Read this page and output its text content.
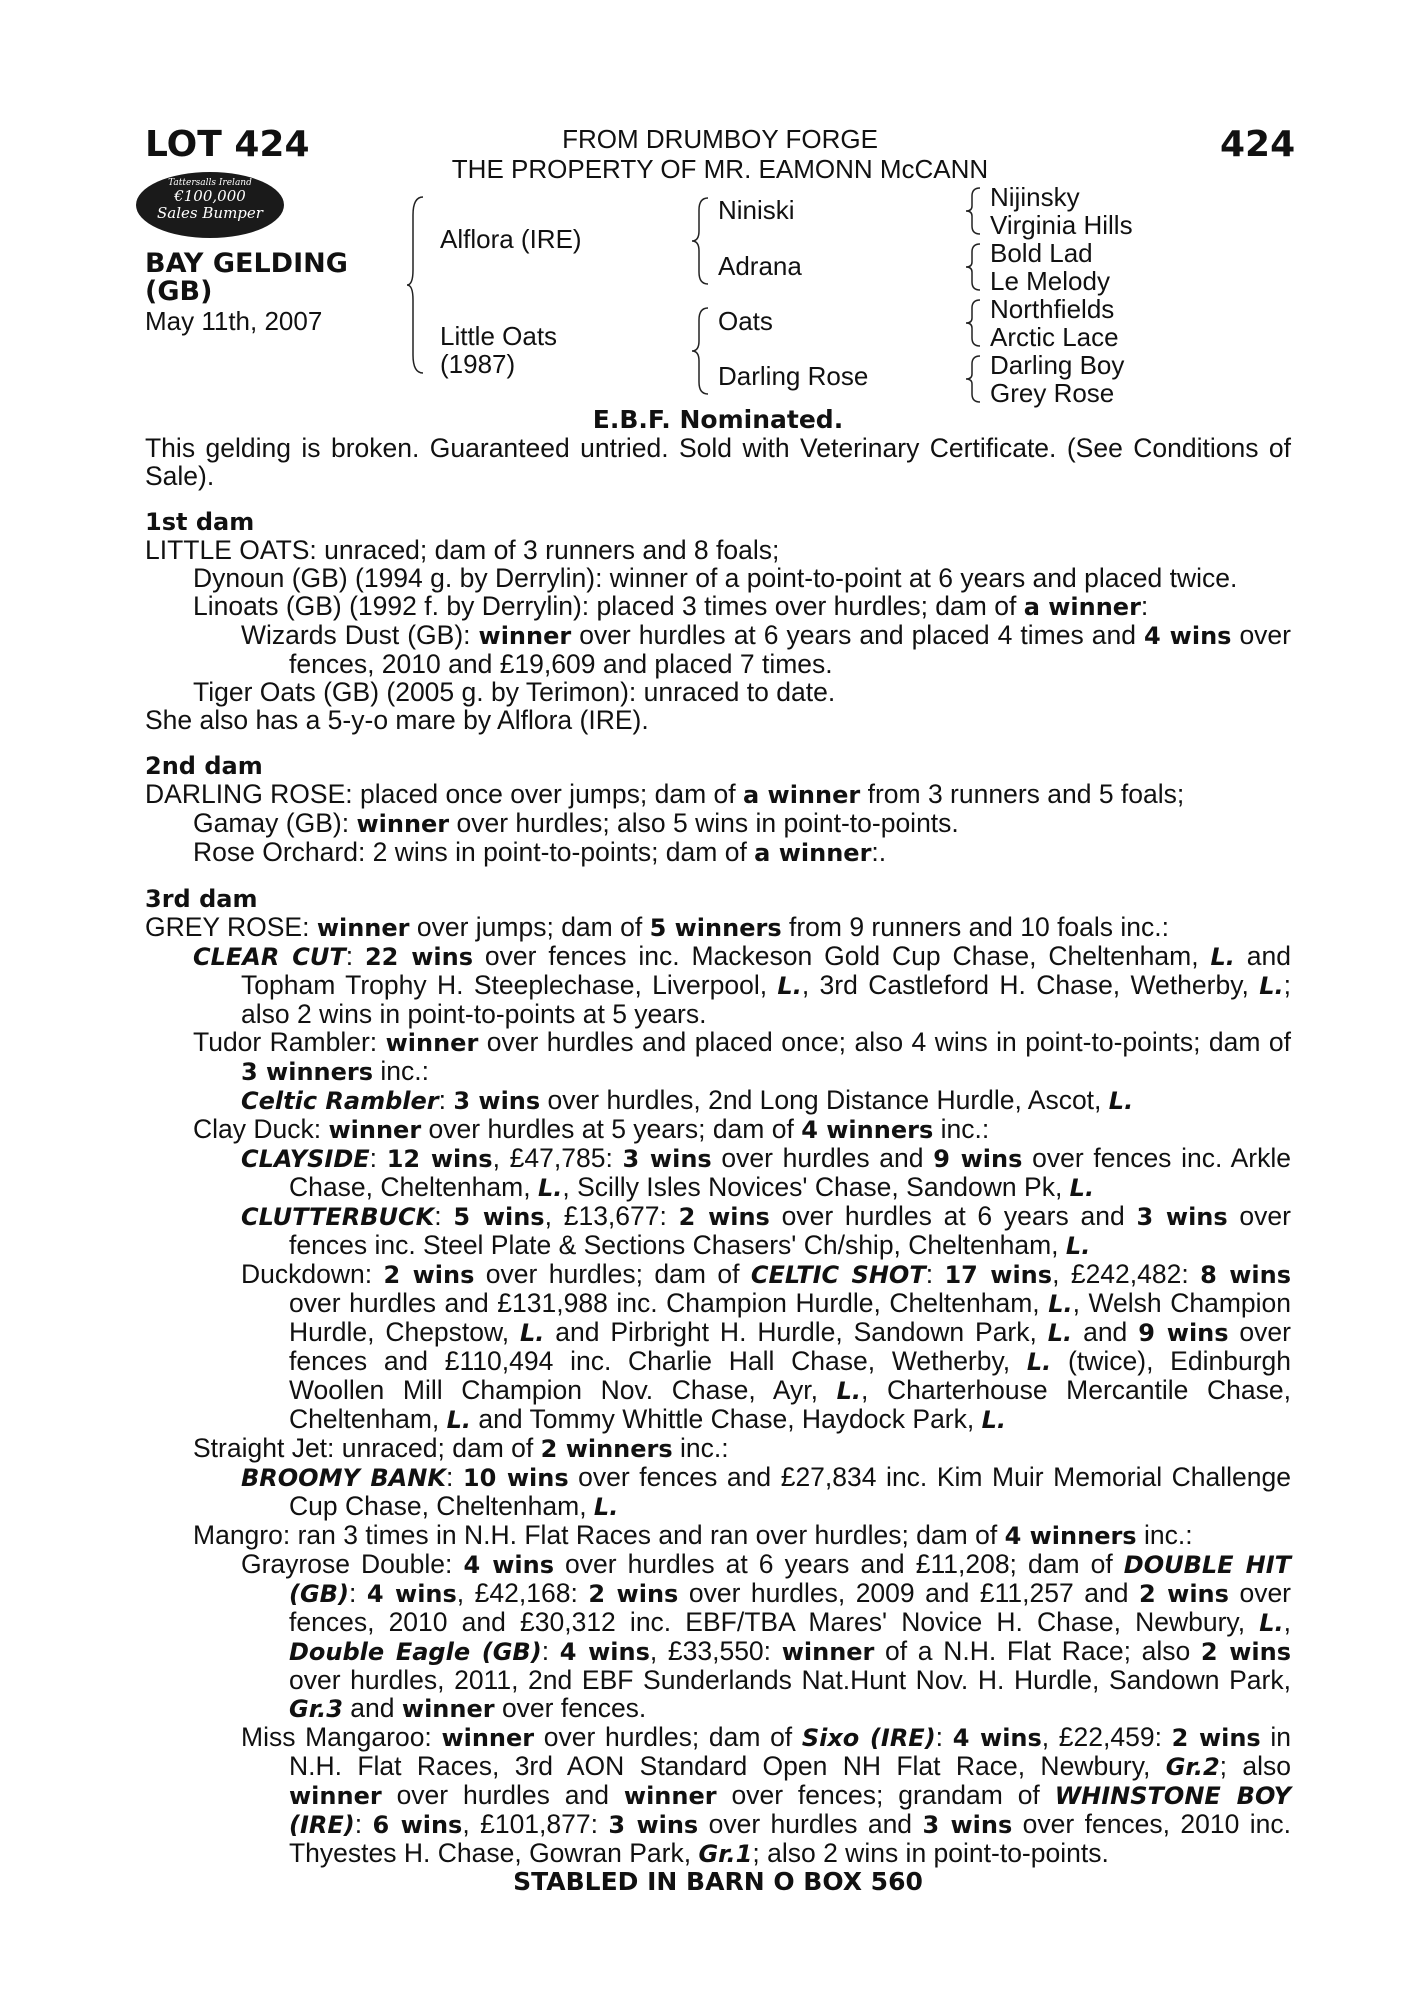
LOT 424	424
FROM DRUMBOY FORGE
THE PROPERTY OF MR. EAMONN McCANN
Tattersalls Ireland
€100,000
Sales Bumper
BAY GELDING
(GB)
May 11th, 2007
Alflora (IRE)
Little Oats
(1987)
Niniski
Adrana
Oats
Darling Rose
Nijinsky
Virginia Hills
Bold Lad
Le Melody
Northfields
Arctic Lace
Darling Boy
Grey Rose
E.B.F. Nominated.

This gelding is broken. Guaranteed untried. Sold with Veterinary Certificate. (See Conditions of Sale).

1st dam

LITTLE OATS: unraced; dam of 3 runners and 8 foals;

Dynoun (GB) (1994 g. by Derrylin): winner of a point-to-point at 6 years and placed twice.

Linoats (GB) (1992 f. by Derrylin): placed 3 times over hurdles; dam of a winner:

Wizards Dust (GB): winner over hurdles at 6 years and placed 4 times and 4 wins over fences, 2010 and £19,609 and placed 7 times.

Tiger Oats (GB) (2005 g. by Terimon): unraced to date.

She also has a 5-y-o mare by Alflora (IRE).

2nd dam

DARLING ROSE: placed once over jumps; dam of a winner from 3 runners and 5 foals;

Gamay (GB): winner over hurdles; also 5 wins in point-to-points.

Rose Orchard: 2 wins in point-to-points; dam of a winner:.

3rd dam

GREY ROSE: winner over jumps; dam of 5 winners from 9 runners and 10 foals inc.:

CLEAR CUT: 22 wins over fences inc. Mackeson Gold Cup Chase, Cheltenham, L. and Topham Trophy H. Steeplechase, Liverpool, L., 3rd Castleford H. Chase, Wetherby, L.; also 2 wins in point-to-points at 5 years.

Tudor Rambler: winner over hurdles and placed once; also 4 wins in point-to-points; dam of 3 winners inc.:

Celtic Rambler: 3 wins over hurdles, 2nd Long Distance Hurdle, Ascot, L.

Clay Duck: winner over hurdles at 5 years; dam of 4 winners inc.:

CLAYSIDE: 12 wins, £47,785: 3 wins over hurdles and 9 wins over fences inc. Arkle Chase, Cheltenham, L., Scilly Isles Novices' Chase, Sandown Pk, L.

CLUTTERBUCK: 5 wins, £13,677: 2 wins over hurdles at 6 years and 3 wins over fences inc. Steel Plate & Sections Chasers' Ch/ship, Cheltenham, L.

Duckdown: 2 wins over hurdles; dam of CELTIC SHOT: 17 wins, £242,482: 8 wins over hurdles and £131,988 inc. Champion Hurdle, Cheltenham, L., Welsh Champion Hurdle, Chepstow, L. and Pirbright H. Hurdle, Sandown Park, L. and 9 wins over fences and £110,494 inc. Charlie Hall Chase, Wetherby, L. (twice), Edinburgh Woollen Mill Champion Nov. Chase, Ayr, L., Charterhouse Mercantile Chase, Cheltenham, L. and Tommy Whittle Chase, Haydock Park, L.

Straight Jet: unraced; dam of 2 winners inc.:

BROOMY BANK: 10 wins over fences and £27,834 inc. Kim Muir Memorial Challenge Cup Chase, Cheltenham, L.

Mangro: ran 3 times in N.H. Flat Races and ran over hurdles; dam of 4 winners inc.:

Grayrose Double: 4 wins over hurdles at 6 years and £11,208; dam of DOUBLE HIT (GB): 4 wins, £42,168: 2 wins over hurdles, 2009 and £11,257 and 2 wins over fences, 2010 and £30,312 inc. EBF/TBA Mares' Novice H. Chase, Newbury, L., Double Eagle (GB): 4 wins, £33,550: winner of a N.H. Flat Race; also 2 wins over hurdles, 2011, 2nd EBF Sunderlands Nat.Hunt Nov. H. Hurdle, Sandown Park, Gr.3 and winner over fences.

Miss Mangaroo: winner over hurdles; dam of Sixo (IRE): 4 wins, £22,459: 2 wins in N.H. Flat Races, 3rd AON Standard Open NH Flat Race, Newbury, Gr.2; also winner over hurdles and winner over fences; grandam of WHINSTONE BOY (IRE): 6 wins, £101,877: 3 wins over hurdles and 3 wins over fences, 2010 inc. Thyestes H. Chase, Gowran Park, Gr.1; also 2 wins in point-to-points.

STABLED IN BARN O BOX 560
